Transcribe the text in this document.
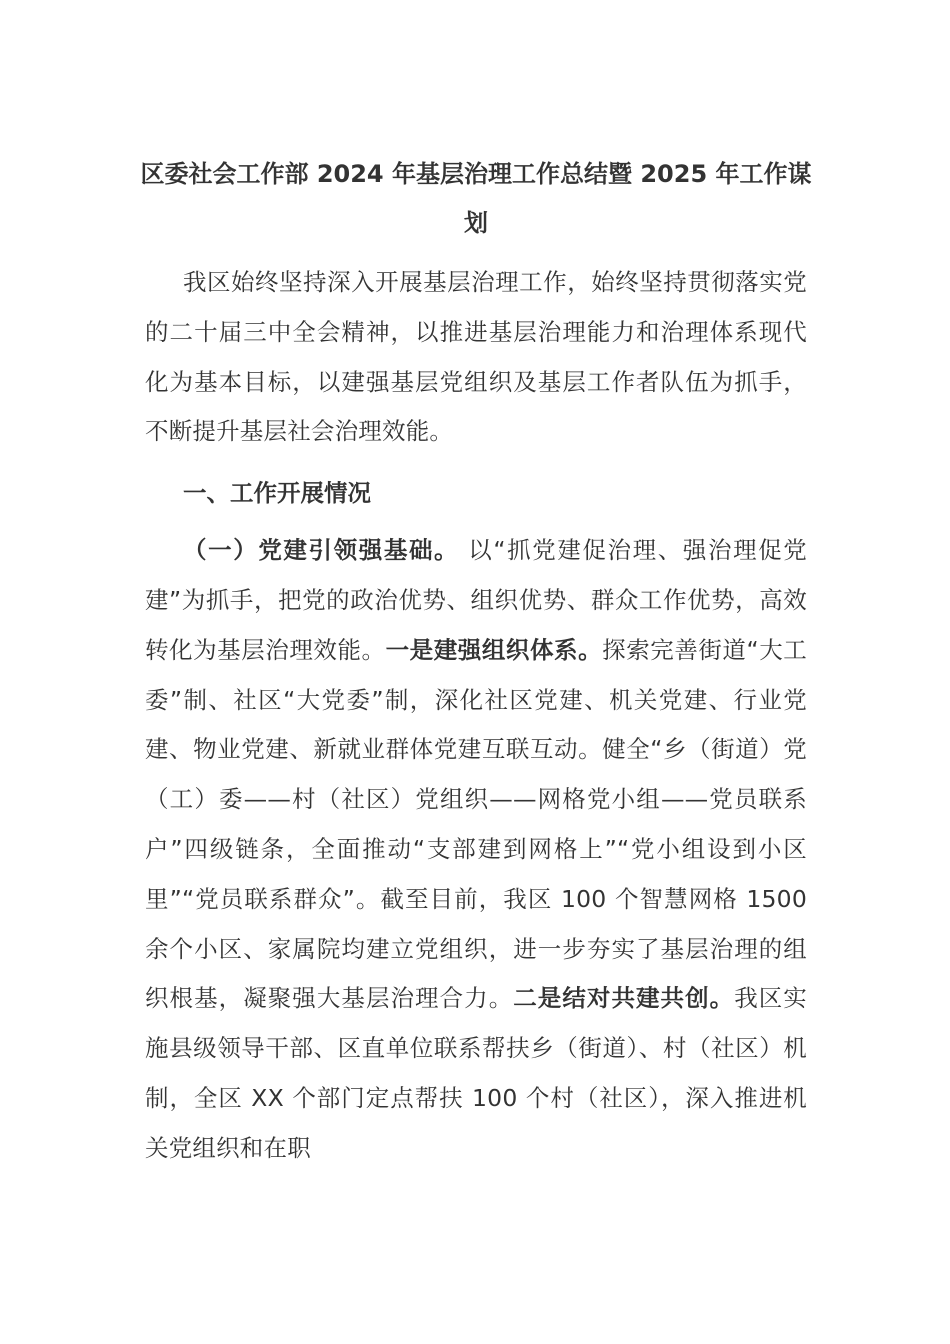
区委社会工作部 2024 年基层治理工作总结暨 2025 年工作谋划

我区始终坚持深入开展基层治理工作，始终坚持贯彻落实党的二十届三中全会精神，以推进基层治理能力和治理体系现代化为基本目标，以建强基层党组织及基层工作者队伍为抓手，不断提升基层社会治理效能。

一、工作开展情况

（一）党建引领强基础。 以“抓党建促治理、强治理促党建”为抓手，把党的政治优势、组织优势、群众工作优势，高效转化为基层治理效能。一是建强组织体系。探索完善街道“大工委”制、社区“大党委”制，深化社区党建、机关党建、行业党建、物业党建、新就业群体党建互联互动。健全“乡（街道）党（工）委——村（社区）党组织——网格党小组——党员联系户”四级链条，全面推动“支部建到网格上”“党小组设到小区里”“党员联系群众”。截至目前，我区 100 个智慧网格 1500 余个小区、家属院均建立党组织，进一步夯实了基层治理的组织根基，凝聚强大基层治理合力。二是结对共建共创。我区实施县级领导干部、区直单位联系帮扶乡（街道）、村（社区）机制，全区 XX 个部门定点帮扶 100 个村（社区），深入推进机关党组织和在职
